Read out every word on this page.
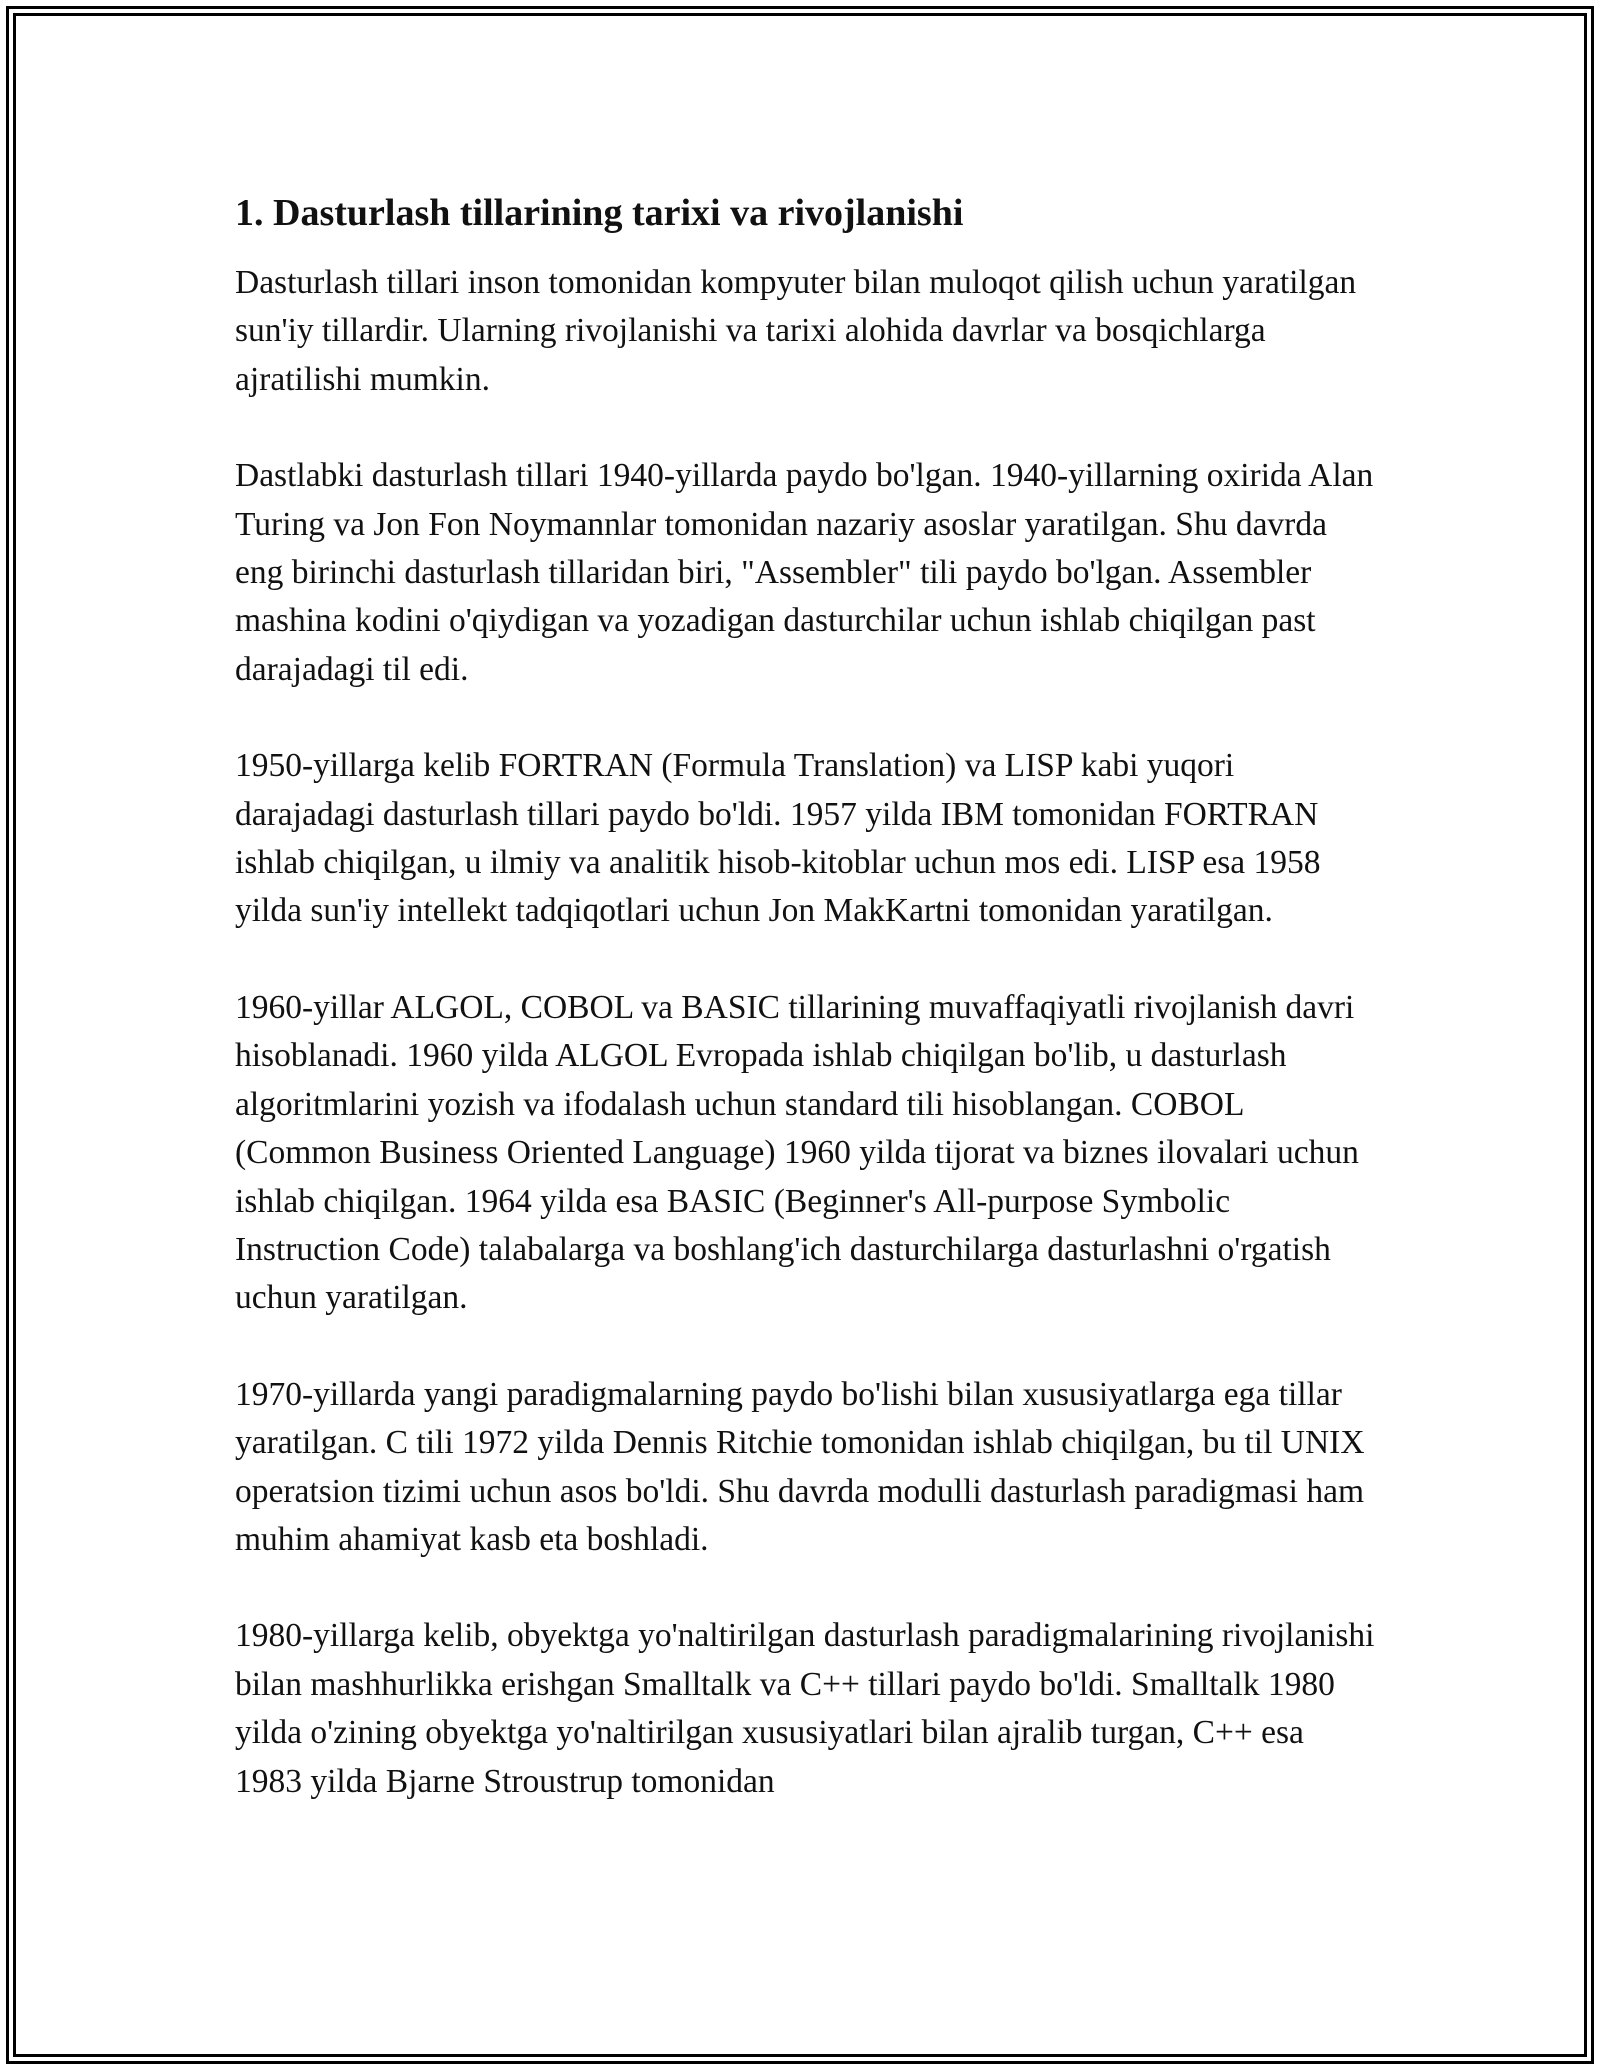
1. Dasturlash tillarining tarixi va rivojlanishi

Dasturlash tillari inson tomonidan kompyuter bilan muloqot qilish uchun yaratilgan sun'iy tillardir. Ularning rivojlanishi va tarixi alohida davrlar va bosqichlarga ajratilishi mumkin.

Dastlabki dasturlash tillari 1940-yillarda paydo bo'lgan. 1940-yillarning oxirida Alan Turing va Jon Fon Noymannlar tomonidan nazariy asoslar yaratilgan. Shu davrda eng birinchi dasturlash tillaridan biri, "Assembler" tili paydo bo'lgan. Assembler mashina kodini o'qiydigan va yozadigan dasturchilar uchun ishlab chiqilgan past darajadagi til edi.

1950-yillarga kelib FORTRAN (Formula Translation) va LISP kabi yuqori darajadagi dasturlash tillari paydo bo'ldi. 1957 yilda IBM tomonidan FORTRAN ishlab chiqilgan, u ilmiy va analitik hisob-kitoblar uchun mos edi. LISP esa 1958 yilda sun'iy intellekt tadqiqotlari uchun Jon MakKartni tomonidan yaratilgan.

1960-yillar ALGOL, COBOL va BASIC tillarining muvaffaqiyatli rivojlanish davri hisoblanadi. 1960 yilda ALGOL Evropada ishlab chiqilgan bo'lib, u dasturlash algoritmlarini yozish va ifodalash uchun standard tili hisoblangan. COBOL (Common Business Oriented Language) 1960 yilda tijorat va biznes ilovalari uchun ishlab chiqilgan. 1964 yilda esa BASIC (Beginner's All-purpose Symbolic Instruction Code) talabalarga va boshlang'ich dasturchilarga dasturlashni o'rgatish uchun yaratilgan.

1970-yillarda yangi paradigmalarning paydo bo'lishi bilan xususiyatlarga ega tillar yaratilgan. C tili 1972 yilda Dennis Ritchie tomonidan ishlab chiqilgan, bu til UNIX operatsion tizimi uchun asos bo'ldi. Shu davrda modulli dasturlash paradigmasi ham muhim ahamiyat kasb eta boshladi.

1980-yillarga kelib, obyektga yo'naltirilgan dasturlash paradigmalarining rivojlanishi bilan mashhurlikka erishgan Smalltalk va C++ tillari paydo bo'ldi. Smalltalk 1980 yilda o'zining obyektga yo'naltirilgan xususiyatlari bilan ajralib turgan, C++ esa 1983 yilda Bjarne Stroustrup tomonidan
